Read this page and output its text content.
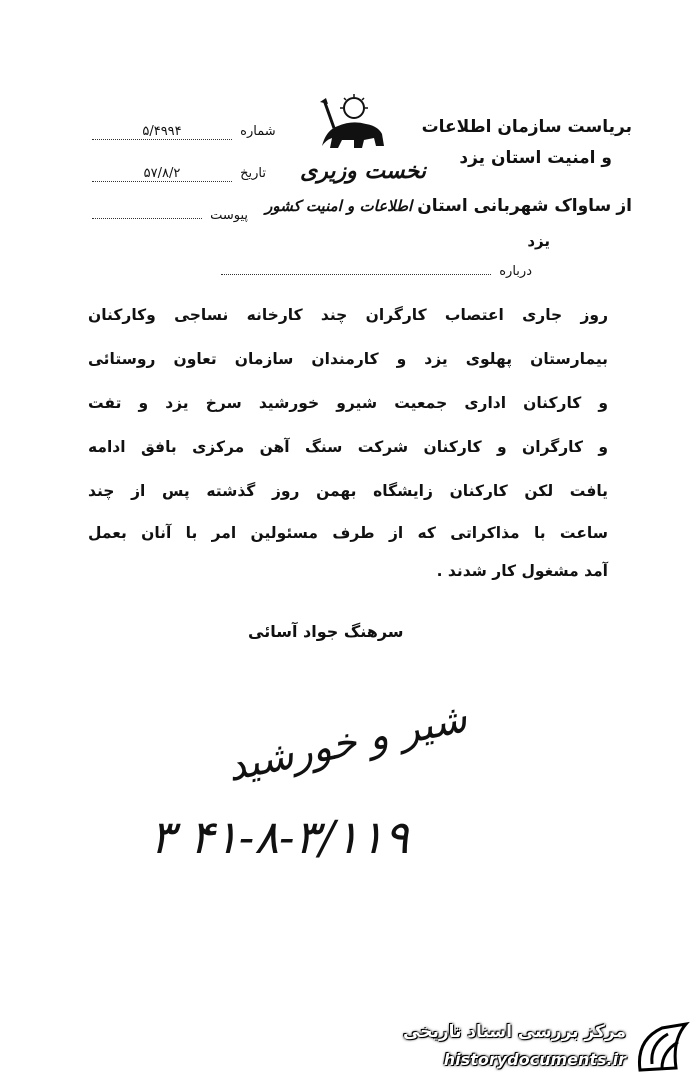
بریاست سازمان اطلاعات
و امنیت استان یزد
نخست وزیری
از ساواک شهربانی استان اطلاعات و امنیت کشور
یزد
درباره
شماره ۵/۴۹۹۴
تاریخ ۵۷/۸/۲
پیوست
روز جاری اعتصاب کارگران چند کارخانه نساجی وکارکنان
بیمارستان پهلوی یزد و کارمندان سازمان تعاون روستائی
و کارکنان اداری جمعیت شیرو خورشید سرخ یزد و تفت
و کارگران و کارکنان شرکت سنگ آهن مرکزی بافق ادامه
یافت لکن کارکنان زایشگاه بهمن روز گذشته پس از چند
ساعت با مذاکراتی که از طرف مسئولین امر با آنان بعمل
آمد مشغول کار شدند .
سرهنگ جواد آسائی
شیر و خورشید
۳ ۴۱-۸-۳/۱۱۹
مرکز بررسی اسناد تاریخی
historydocuments.ir
